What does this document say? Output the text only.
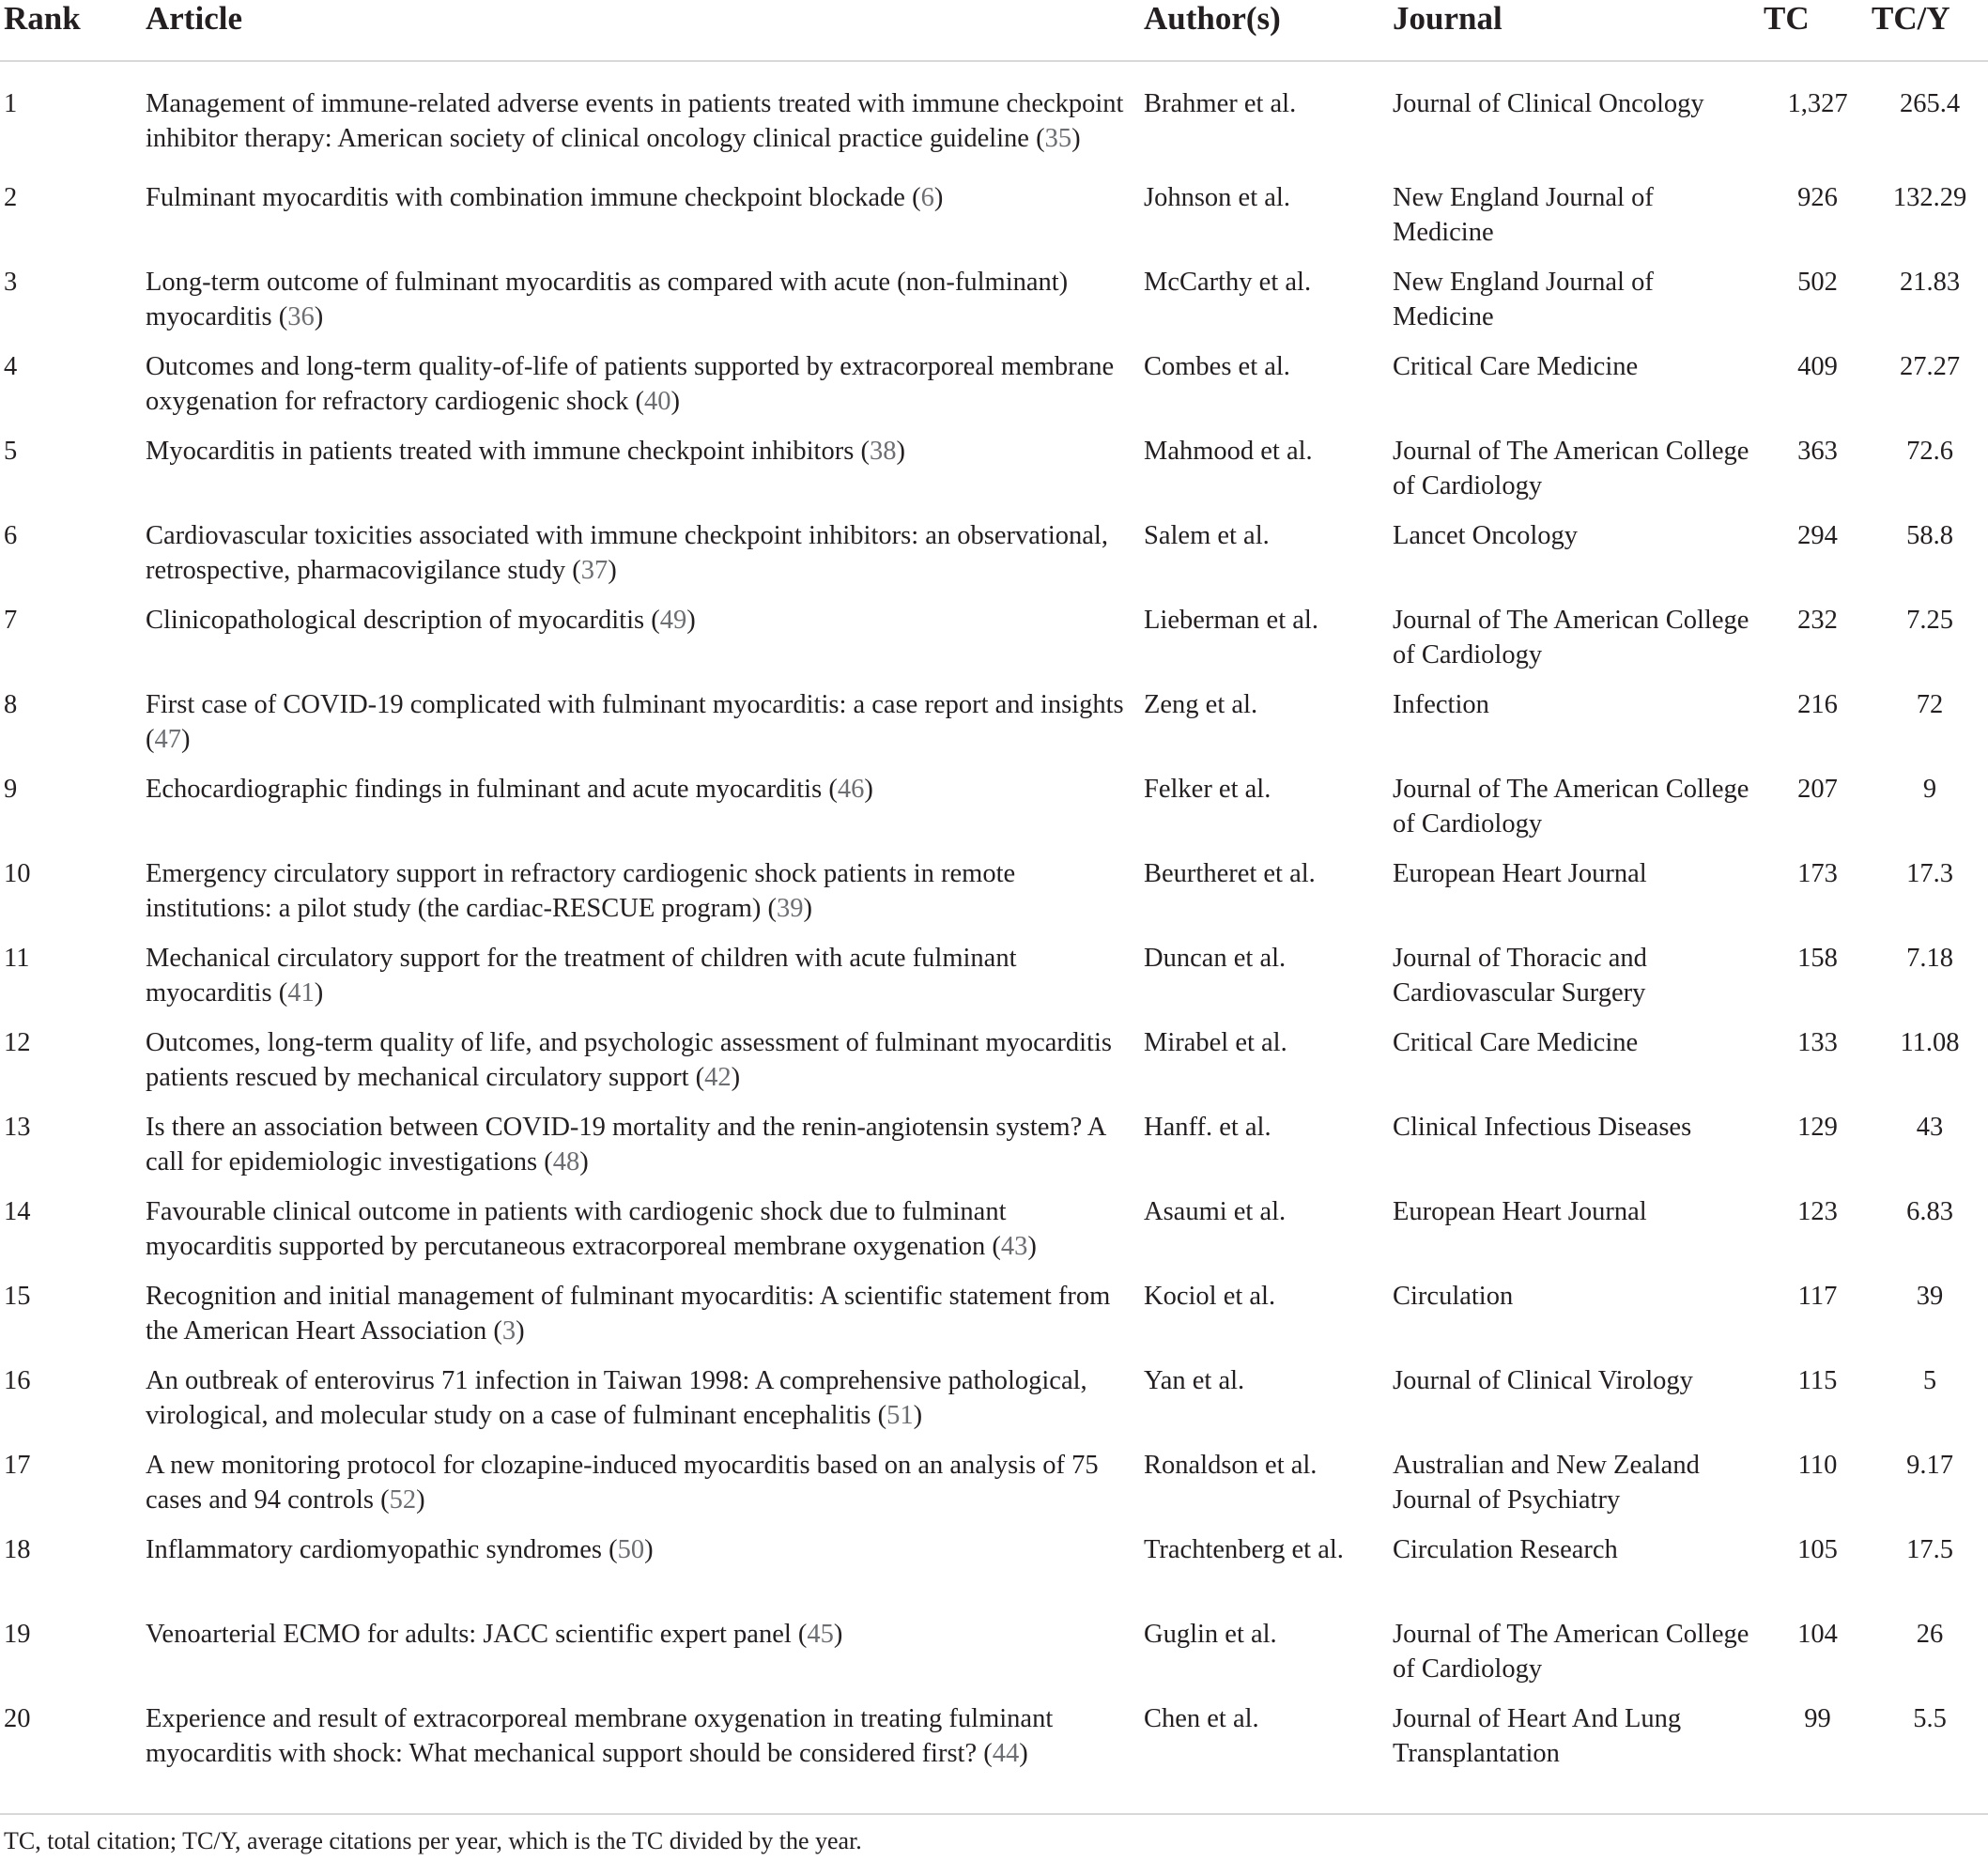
Rank	Article	Author(s)	Journal	TC	TC/Y
1	Management of immune-related adverse events in patients treated with immune checkpoint inhibitor therapy: American society of clinical oncology clinical practice guideline (35)	Brahmer et al.	Journal of Clinical Oncology	1,327	265.4
2	Fulminant myocarditis with combination immune checkpoint blockade (6)	Johnson et al.	New England Journal of Medicine	926	132.29
3	Long-term outcome of fulminant myocarditis as compared with acute (non-fulminant) myocarditis (36)	McCarthy et al.	New England Journal of Medicine	502	21.83
4	Outcomes and long-term quality-of-life of patients supported by extracorporeal membrane oxygenation for refractory cardiogenic shock (40)	Combes et al.	Critical Care Medicine	409	27.27
5	Myocarditis in patients treated with immune checkpoint inhibitors (38)	Mahmood et al.	Journal of The American College of Cardiology	363	72.6
6	Cardiovascular toxicities associated with immune checkpoint inhibitors: an observational, retrospective, pharmacovigilance study (37)	Salem et al.	Lancet Oncology	294	58.8
7	Clinicopathological description of myocarditis (49)	Lieberman et al.	Journal of The American College of Cardiology	232	7.25
8	First case of COVID-19 complicated with fulminant myocarditis: a case report and insights (47)	Zeng et al.	Infection	216	72
9	Echocardiographic findings in fulminant and acute myocarditis (46)	Felker et al.	Journal of The American College of Cardiology	207	9
10	Emergency circulatory support in refractory cardiogenic shock patients in remote institutions: a pilot study (the cardiac-RESCUE program) (39)	Beurtheret et al.	European Heart Journal	173	17.3
11	Mechanical circulatory support for the treatment of children with acute fulminant myocarditis (41)	Duncan et al.	Journal of Thoracic and Cardiovascular Surgery	158	7.18
12	Outcomes, long-term quality of life, and psychologic assessment of fulminant myocarditis patients rescued by mechanical circulatory support (42)	Mirabel et al.	Critical Care Medicine	133	11.08
13	Is there an association between COVID-19 mortality and the renin-angiotensin system? A call for epidemiologic investigations (48)	Hanff. et al.	Clinical Infectious Diseases	129	43
14	Favourable clinical outcome in patients with cardiogenic shock due to fulminant myocarditis supported by percutaneous extracorporeal membrane oxygenation (43)	Asaumi et al.	European Heart Journal	123	6.83
15	Recognition and initial management of fulminant myocarditis: A scientific statement from the American Heart Association (3)	Kociol et al.	Circulation	117	39
16	An outbreak of enterovirus 71 infection in Taiwan 1998: A comprehensive pathological, virological, and molecular study on a case of fulminant encephalitis (51)	Yan et al.	Journal of Clinical Virology	115	5
17	A new monitoring protocol for clozapine-induced myocarditis based on an analysis of 75 cases and 94 controls (52)	Ronaldson et al.	Australian and New Zealand Journal of Psychiatry	110	9.17
18	Inflammatory cardiomyopathic syndromes (50)	Trachtenberg et al.	Circulation Research	105	17.5
19	Venoarterial ECMO for adults: JACC scientific expert panel (45)	Guglin et al.	Journal of The American College of Cardiology	104	26
20	Experience and result of extracorporeal membrane oxygenation in treating fulminant myocarditis with shock: What mechanical support should be considered first? (44)	Chen et al.	Journal of Heart And Lung Transplantation	99	5.5
TC, total citation; TC/Y, average citations per year, which is the TC divided by the year.
